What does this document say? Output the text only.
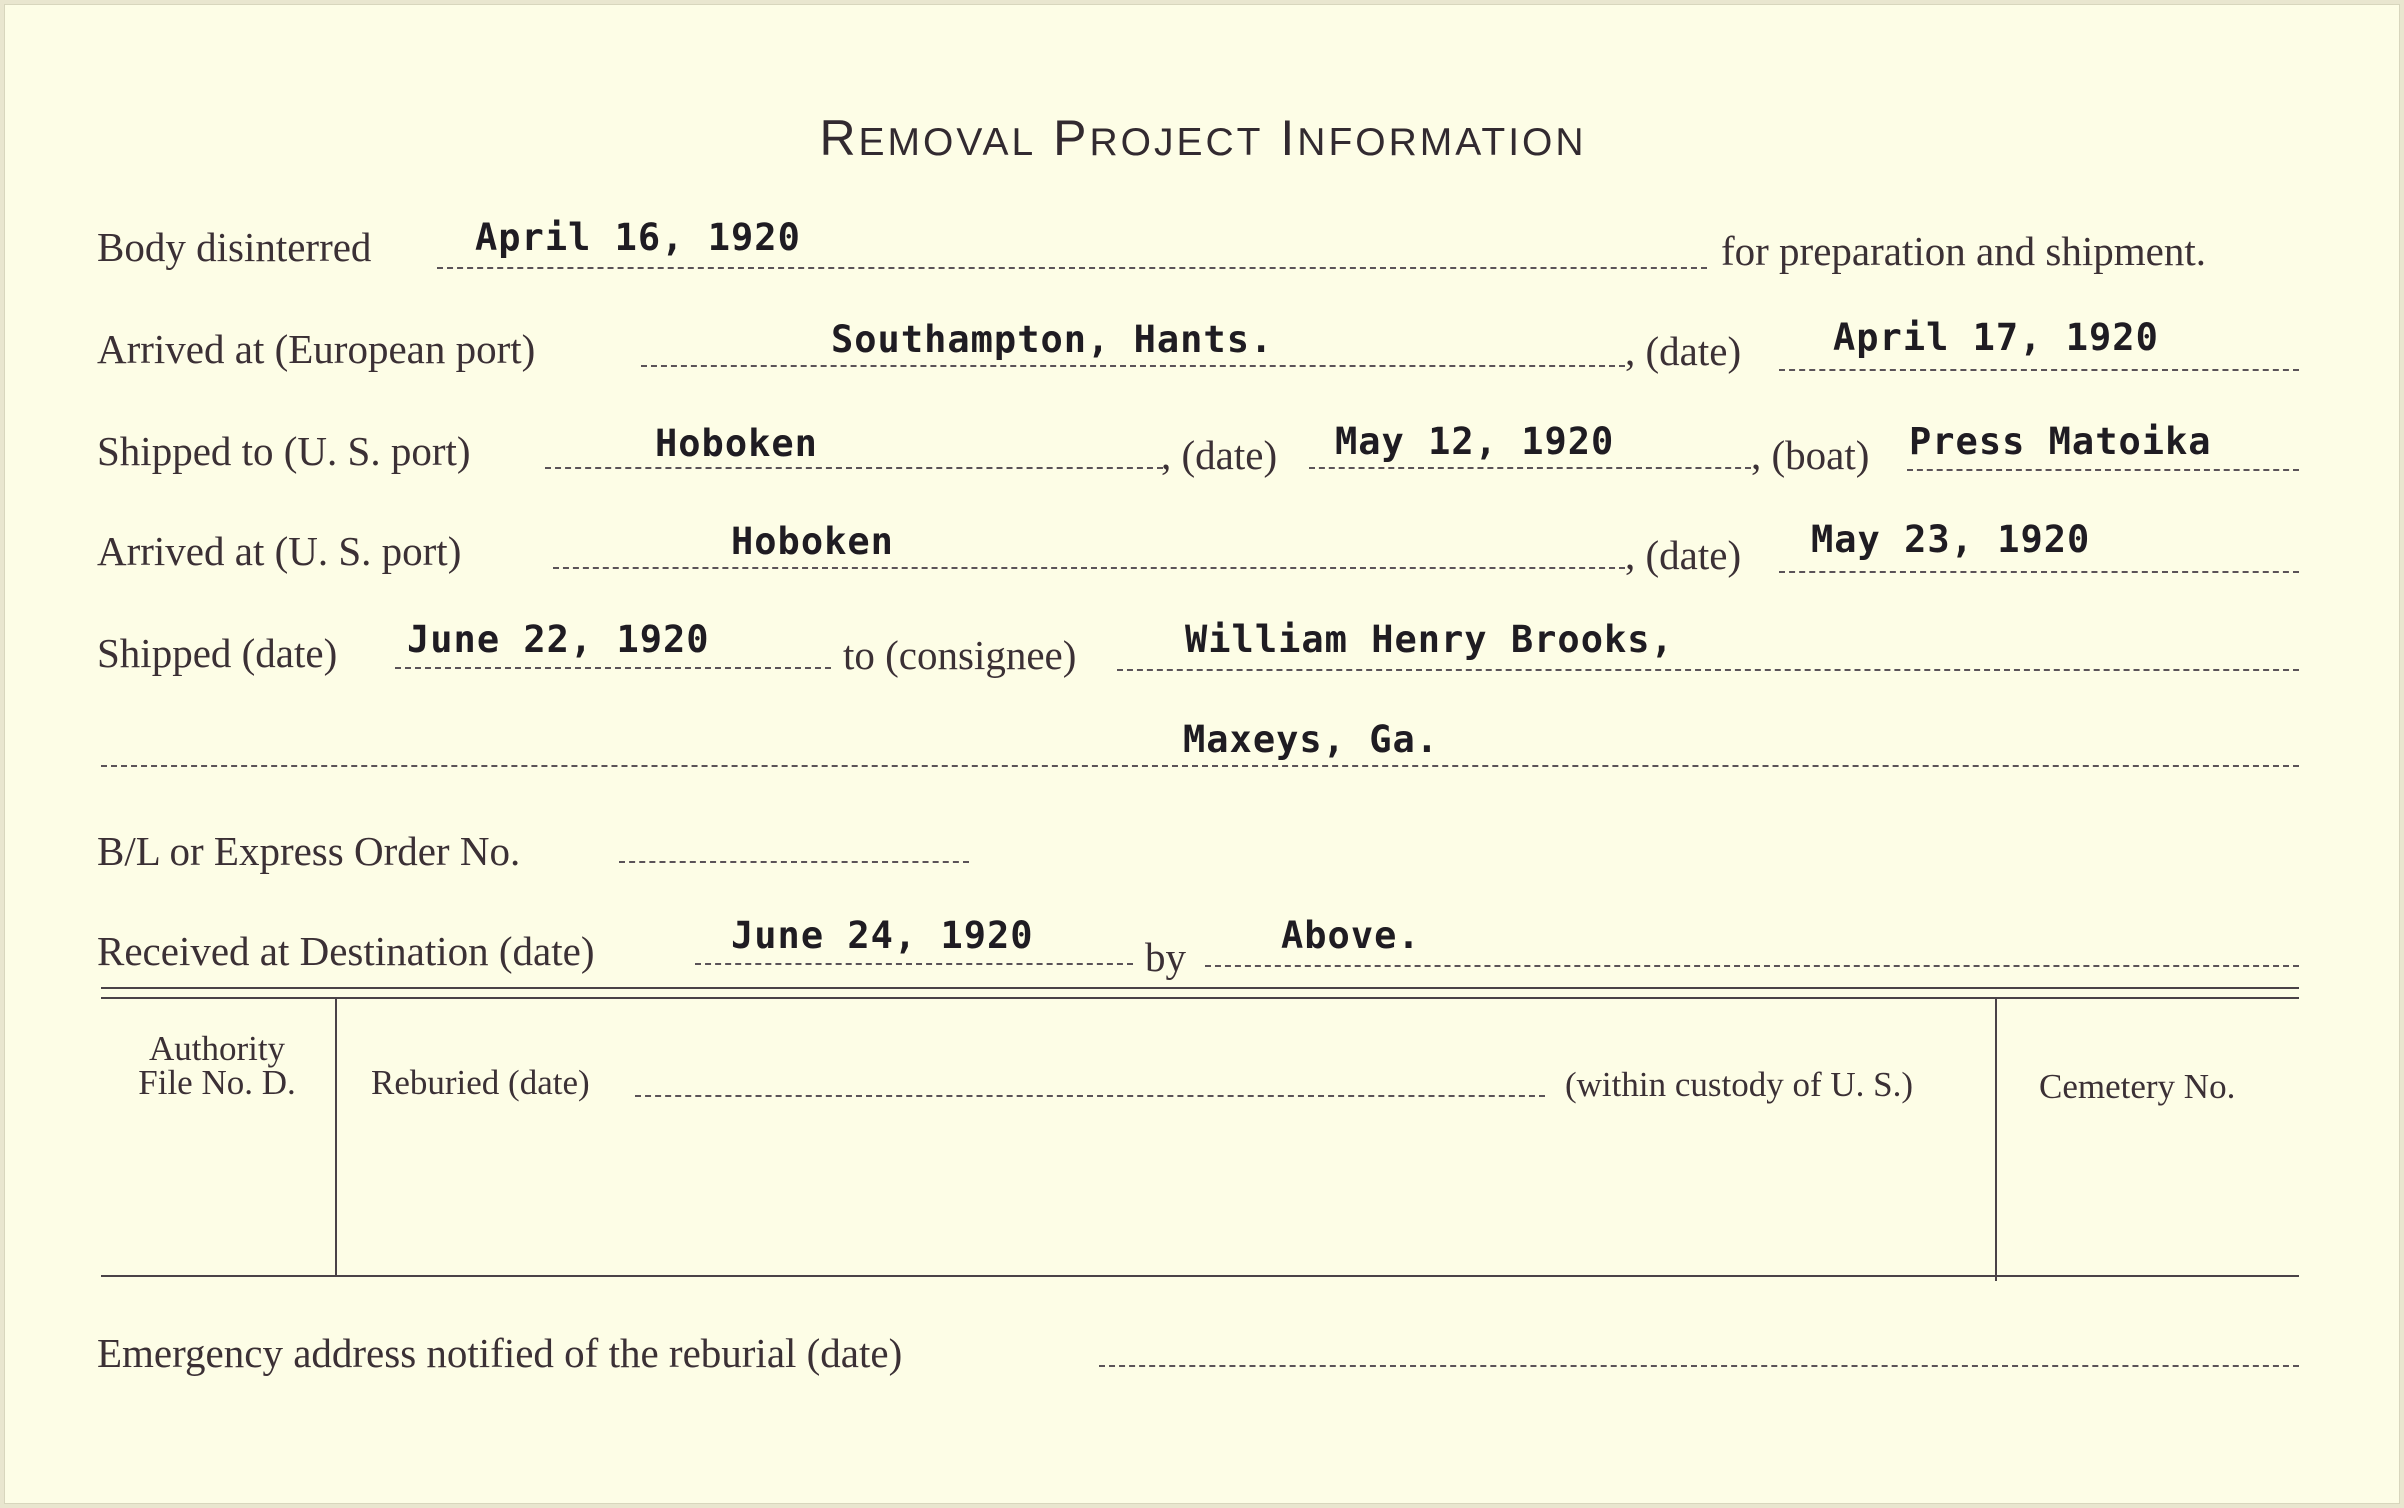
REMOVAL PROJECT INFORMATION
Body disinterred	April 16, 1920	for preparation and shipment.
Arrived at (European port)	Southampton, Hants.	, (date) April 17, 1920
Shipped to (U. S. port)	Hoboken	, (date) May 12, 1920	, (boat) Press Matoika
Arrived at (U. S. port)	Hoboken	, (date) May 23, 1920
Shipped (date) June 22, 1920	to (consignee)	William Henry Brooks,
Maxeys, Ga.
B/L or Express Order No.
Received at Destination (date)	June 24, 1920	by	Above.
Authority
File No. D.	Reburied (date)	(within custody of U. S.)	Cemetery No.
Emergency address notified of the reburial (date)
